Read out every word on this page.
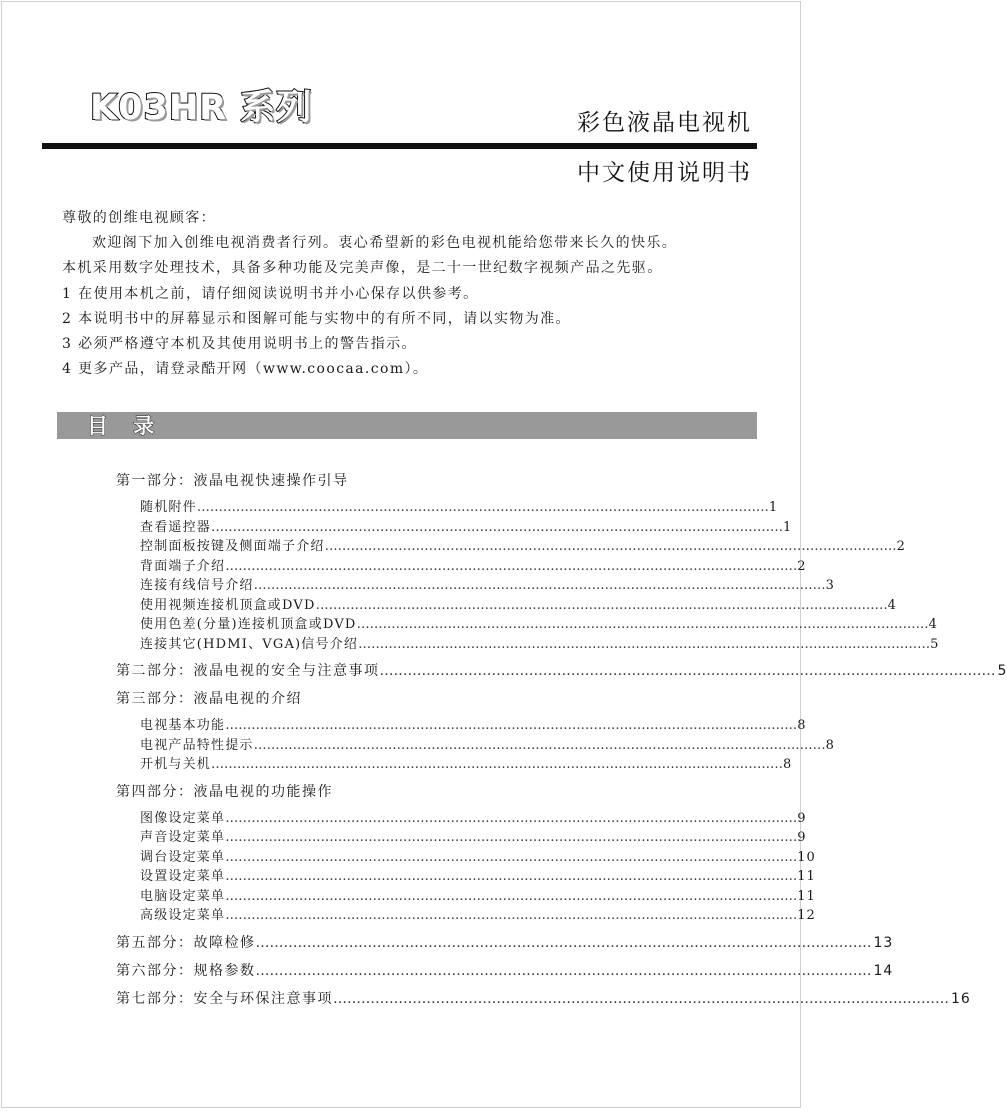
K03HR 系列	彩色液晶电视机
中文使用说明书

尊敬的创维电视顾客：

欢迎阁下加入创维电视消费者行列。衷心希望新的彩色电视机能给您带来长久的快乐。

本机采用数字处理技术，具备多种功能及完美声像，是二十一世纪数字视频产品之先驱。

1 在使用本机之前，请仔细阅读说明书并小心保存以供参考。

2 本说明书中的屏幕显示和图解可能与实物中的有所不同，请以实物为准。

3 必须严格遵守本机及其使用说明书上的警告指示。

4 更多产品，请登录酷开网（www.coocaa.com）。

目 录
第一部分：液晶电视快速操作引导
随机附件 …………………………………………………………………………………………………………………… 1
查看遥控器 …………………………………………………………………………………………………………………… 1
控制面板按键及侧面端子介绍 …………………………………………………………………………………………………………………… 2
背面端子介绍 …………………………………………………………………………………………………………………… 2
连接有线信号介绍 …………………………………………………………………………………………………………………… 3
使用视频连接机顶盒或DVD …………………………………………………………………………………………………………………… 4
使用色差(分量)连接机顶盒或DVD …………………………………………………………………………………………………………………… 4
连接其它(HDMI、VGA)信号介绍 …………………………………………………………………………………………………………………… 5
第二部分：液晶电视的安全与注意事项 …………………………………………………………………………………………………………………… 5
第三部分：液晶电视的介绍
电视基本功能 …………………………………………………………………………………………………………………… 8
电视产品特性提示 …………………………………………………………………………………………………………………… 8
开机与关机 …………………………………………………………………………………………………………………… 8
第四部分：液晶电视的功能操作
图像设定菜单 …………………………………………………………………………………………………………………… 9
声音设定菜单 …………………………………………………………………………………………………………………… 9
调台设定菜单 …………………………………………………………………………………………………………………… 10
设置设定菜单 …………………………………………………………………………………………………………………… 11
电脑设定菜单 …………………………………………………………………………………………………………………… 11
高级设定菜单 …………………………………………………………………………………………………………………… 12
第五部分：故障检修 …………………………………………………………………………………………………………………… 13
第六部分：规格参数 …………………………………………………………………………………………………………………… 14
第七部分：安全与环保注意事项 …………………………………………………………………………………………………………………… 16
